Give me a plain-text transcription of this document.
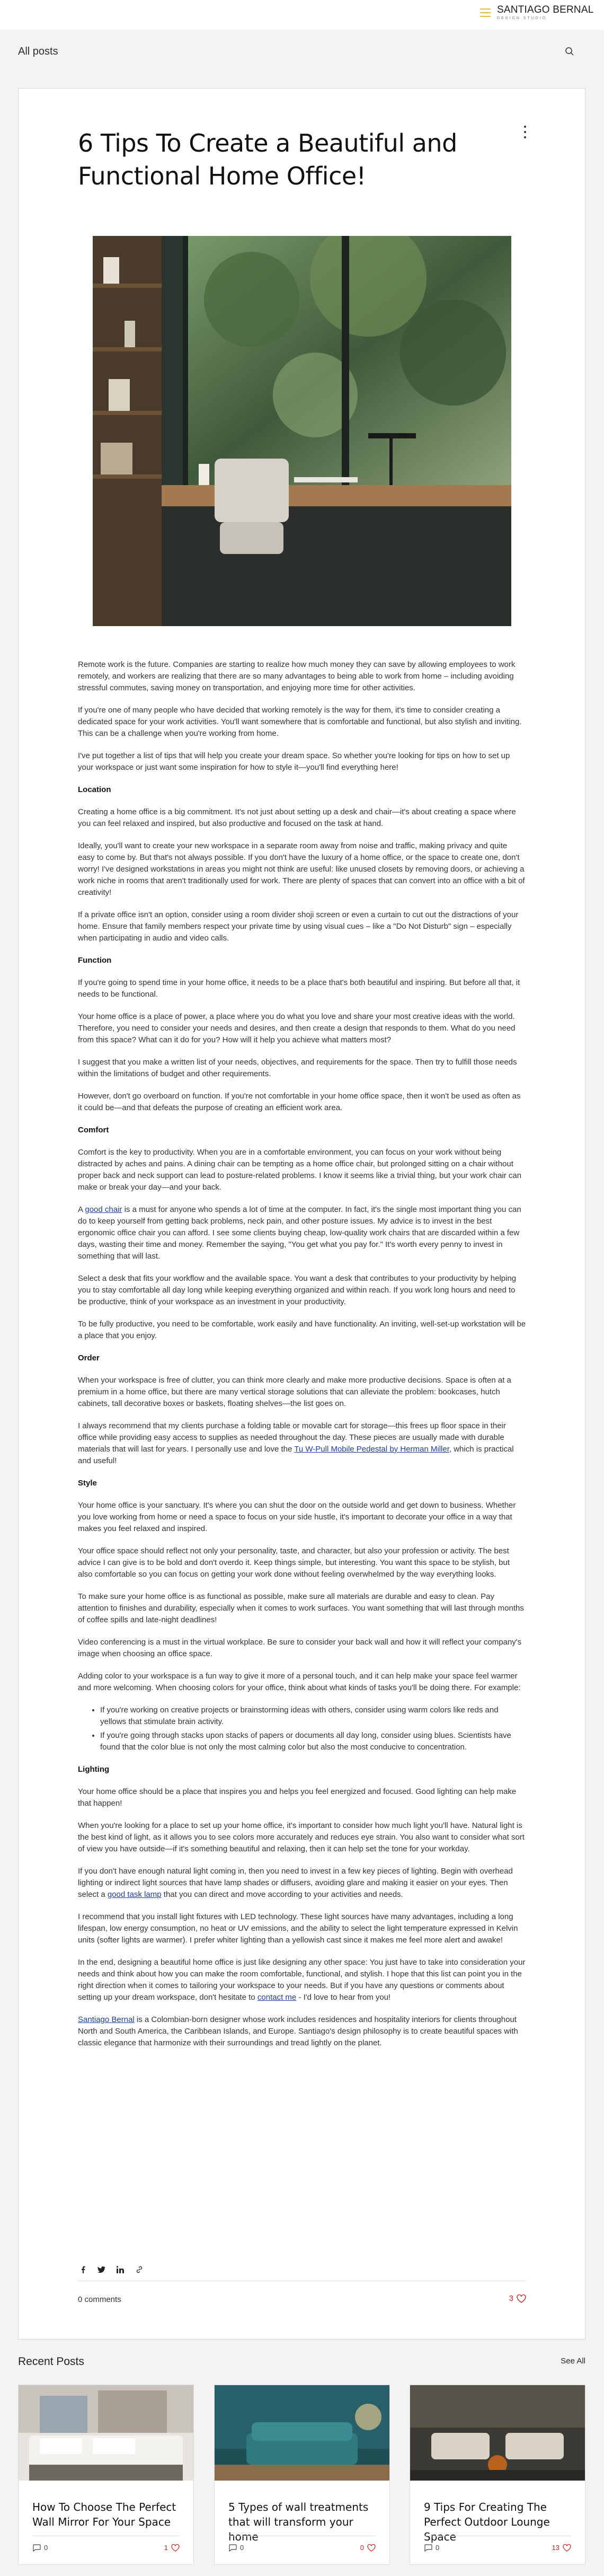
SANTIAGO BERNAL
DESIGN STUDIO
All posts
6 Tips To Create a Beautiful and Functional Home Office!

Remote work is the future. Companies are starting to realize how much money they can save by allowing employees to work remotely, and workers are realizing that there are so many advantages to being able to work from home – including avoiding stressful commutes, saving money on transportation, and enjoying more time for other activities.

If you're one of many people who have decided that working remotely is the way for them, it's time to consider creating a dedicated space for your work activities. You'll want somewhere that is comfortable and functional, but also stylish and inviting. This can be a challenge when you're working from home.

I've put together a list of tips that will help you create your dream space. So whether you're looking for tips on how to set up your workspace or just want some inspiration for how to style it—you'll find everything here!

Location

Creating a home office is a big commitment. It's not just about setting up a desk and chair—it's about creating a space where you can feel relaxed and inspired, but also productive and focused on the task at hand.

Ideally, you'll want to create your new workspace in a separate room away from noise and traffic, making privacy and quite easy to come by. But that's not always possible. If you don't have the luxury of a home office, or the space to create one, don't worry! I've designed workstations in areas you might not think are useful: like unused closets by removing doors, or achieving a work niche in rooms that aren't traditionally used for work. There are plenty of spaces that can convert into an office with a bit of creativity!

If a private office isn't an option, consider using a room divider shoji screen or even a curtain to cut out the distractions of your home. Ensure that family members respect your private time by using visual cues – like a "Do Not Disturb" sign – especially when participating in audio and video calls.

Function

If you're going to spend time in your home office, it needs to be a place that's both beautiful and inspiring. But before all that, it needs to be functional.

Your home office is a place of power, a place where you do what you love and share your most creative ideas with the world. Therefore, you need to consider your needs and desires, and then create a design that responds to them. What do you need from this space? What can it do for you? How will it help you achieve what matters most?

I suggest that you make a written list of your needs, objectives, and requirements for the space. Then try to fulfill those needs within the limitations of budget and other requirements.

However, don't go overboard on function. If you're not comfortable in your home office space, then it won't be used as often as it could be—and that defeats the purpose of creating an efficient work area.

Comfort

Comfort is the key to productivity. When you are in a comfortable environment, you can focus on your work without being distracted by aches and pains. A dining chair can be tempting as a home office chair, but prolonged sitting on a chair without proper back and neck support can lead to posture-related problems. I know it seems like a trivial thing, but your work chair can make or break your day—and your back.

A good chair is a must for anyone who spends a lot of time at the computer. In fact, it's the single most important thing you can do to keep yourself from getting back problems, neck pain, and other posture issues. My advice is to invest in the best ergonomic office chair you can afford. I see some clients buying cheap, low-quality work chairs that are discarded within a few days, wasting their time and money. Remember the saying, "You get what you pay for." It's worth every penny to invest in something that will last.

Select a desk that fits your workflow and the available space. You want a desk that contributes to your productivity by helping you to stay comfortable all day long while keeping everything organized and within reach. If you work long hours and need to be productive, think of your workspace as an investment in your productivity.

To be fully productive, you need to be comfortable, work easily and have functionality. An inviting, well-set-up workstation will be a place that you enjoy.

Order

When your workspace is free of clutter, you can think more clearly and make more productive decisions. Space is often at a premium in a home office, but there are many vertical storage solutions that can alleviate the problem: bookcases, hutch cabinets, tall decorative boxes or baskets, floating shelves—the list goes on.

I always recommend that my clients purchase a folding table or movable cart for storage—this frees up floor space in their office while providing easy access to supplies as needed throughout the day. These pieces are usually made with durable materials that will last for years. I personally use and love the Tu W-Pull Mobile Pedestal by Herman Miller, which is practical and useful!

Style

Your home office is your sanctuary. It's where you can shut the door on the outside world and get down to business. Whether you love working from home or need a space to focus on your side hustle, it's important to decorate your office in a way that makes you feel relaxed and inspired.

Your office space should reflect not only your personality, taste, and character, but also your profession or activity. The best advice I can give is to be bold and don't overdo it. Keep things simple, but interesting. You want this space to be stylish, but also comfortable so you can focus on getting your work done without feeling overwhelmed by the way everything looks.

To make sure your home office is as functional as possible, make sure all materials are durable and easy to clean. Pay attention to finishes and durability, especially when it comes to work surfaces. You want something that will last through months of coffee spills and late-night deadlines!

Video conferencing is a must in the virtual workplace. Be sure to consider your back wall and how it will reflect your company's image when choosing an office space.

Adding color to your workspace is a fun way to give it more of a personal touch, and it can help make your space feel warmer and more welcoming. When choosing colors for your office, think about what kinds of tasks you'll be doing there. For example:

• If you're working on creative projects or brainstorming ideas with others, consider using warm colors like reds and yellows that stimulate brain activity.
• If you're going through stacks upon stacks of papers or documents all day long, consider using blues. Scientists have found that the color blue is not only the most calming color but also the most conducive to concentration.
Lighting

Your home office should be a place that inspires you and helps you feel energized and focused. Good lighting can help make that happen!

When you're looking for a place to set up your home office, it's important to consider how much light you'll have. Natural light is the best kind of light, as it allows you to see colors more accurately and reduces eye strain. You also want to consider what sort of view you have outside—if it's something beautiful and relaxing, then it can help set the tone for your workday.

If you don't have enough natural light coming in, then you need to invest in a few key pieces of lighting. Begin with overhead lighting or indirect light sources that have lamp shades or diffusers, avoiding glare and making it easier on your eyes. Then select a good task lamp that you can direct and move according to your activities and needs.

I recommend that you install light fixtures with LED technology. These light sources have many advantages, including a long lifespan, low energy consumption, no heat or UV emissions, and the ability to select the light temperature expressed in Kelvin units (softer lights are warmer). I prefer whiter lighting than a yellowish cast since it makes me feel more alert and awake!

In the end, designing a beautiful home office is just like designing any other space: You just have to take into consideration your needs and think about how you can make the room comfortable, functional, and stylish. I hope that this list can point you in the right direction when it comes to tailoring your workspace to your needs. But if you have any questions or comments about setting up your dream workspace, don't hesitate to contact me - I'd love to hear from you!

Santiago Bernal is a Colombian-born designer whose work includes residences and hospitality interiors for clients throughout North and South America, the Caribbean Islands, and Europe. Santiago's design philosophy is to create beautiful spaces with classic elegance that harmonize with their surroundings and tread lightly on the planet.

0 comments	3
Recent Posts	See All
How To Choose The Perfect Wall Mirror For Your Space
0	1
5 Types of wall treatments that will transform your home
0	0
9 Tips For Creating The Perfect Outdoor Lounge Space
0	13
